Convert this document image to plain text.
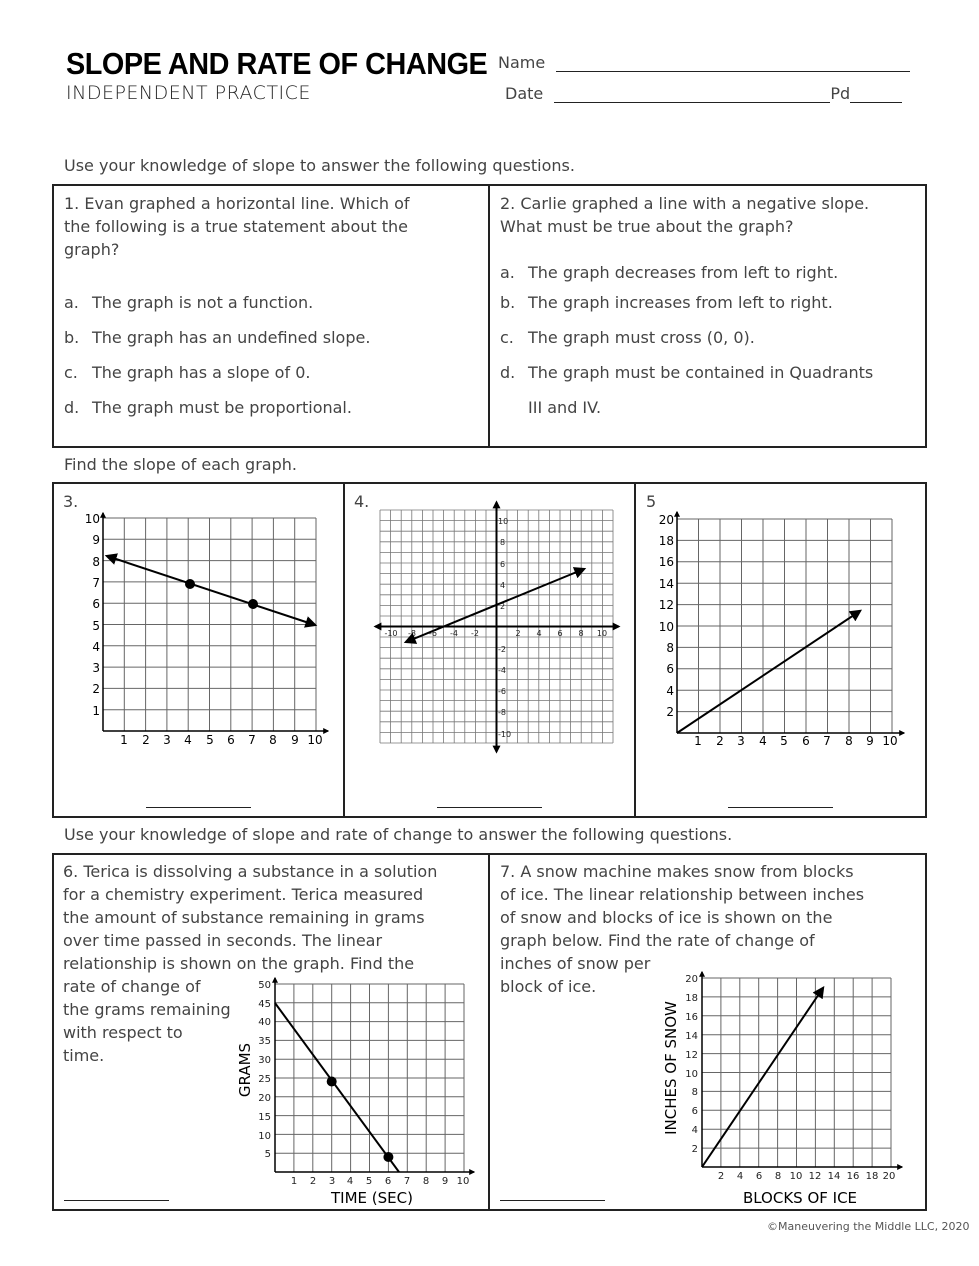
SLOPE AND RATE OF CHANGE
INDEPENDENT PRACTICE
Name
Date	Pd
Use your knowledge of slope to answer the following questions.
1. Evan graphed a horizontal line. Which of
the following is a true statement about the
graph?
a. The graph is not a function.
b. The graph has an undefined slope.
c. The graph has a slope of 0.
d. The graph must be proportional.
2. Carlie graphed a line with a negative slope.
What must be true about the graph?
a. The graph decreases from left to right.
b. The graph increases from left to right.
c. The graph must cross (0, 0).
d. The graph must be contained in Quadrants
III and IV.
Find the slope of each graph.
3.	4.	5
10
9
8
7
6
5
4
3
2
1
1 2 3 4 5 6 7 8 9 10
-10 -8 -6 -4 -2	2 4 6 8 10
10
8
6
4
2
-2
-4
-6
-8
-10
20
18
16
14
12
10
8
6
4
2
1 2 3 4 5 6 7 8 9 10
50
45
40
35
30
25
20
15
10
5
1 2 3 4 5 6 7 8 9 10
GRAMS
TIME (SEC)
20
18
16
14
12
10
8
6
4
2
2 4 6 8 10 12 14 16 18 20
INCHES OF SNOW
BLOCKS OF ICE
Use your knowledge of slope and rate of change to answer the following questions.
6. Terica is dissolving a substance in a solution
for a chemistry experiment. Terica measured
the amount of substance remaining in grams
over time passed in seconds. The linear
relationship is shown on the graph. Find the
rate of change of
the grams remaining
with respect to
time.
7. A snow machine makes snow from blocks
of ice. The linear relationship between inches
of snow and blocks of ice is shown on the
graph below. Find the rate of change of
inches of snow per
block of ice.
©Maneuvering the Middle LLC, 2020
